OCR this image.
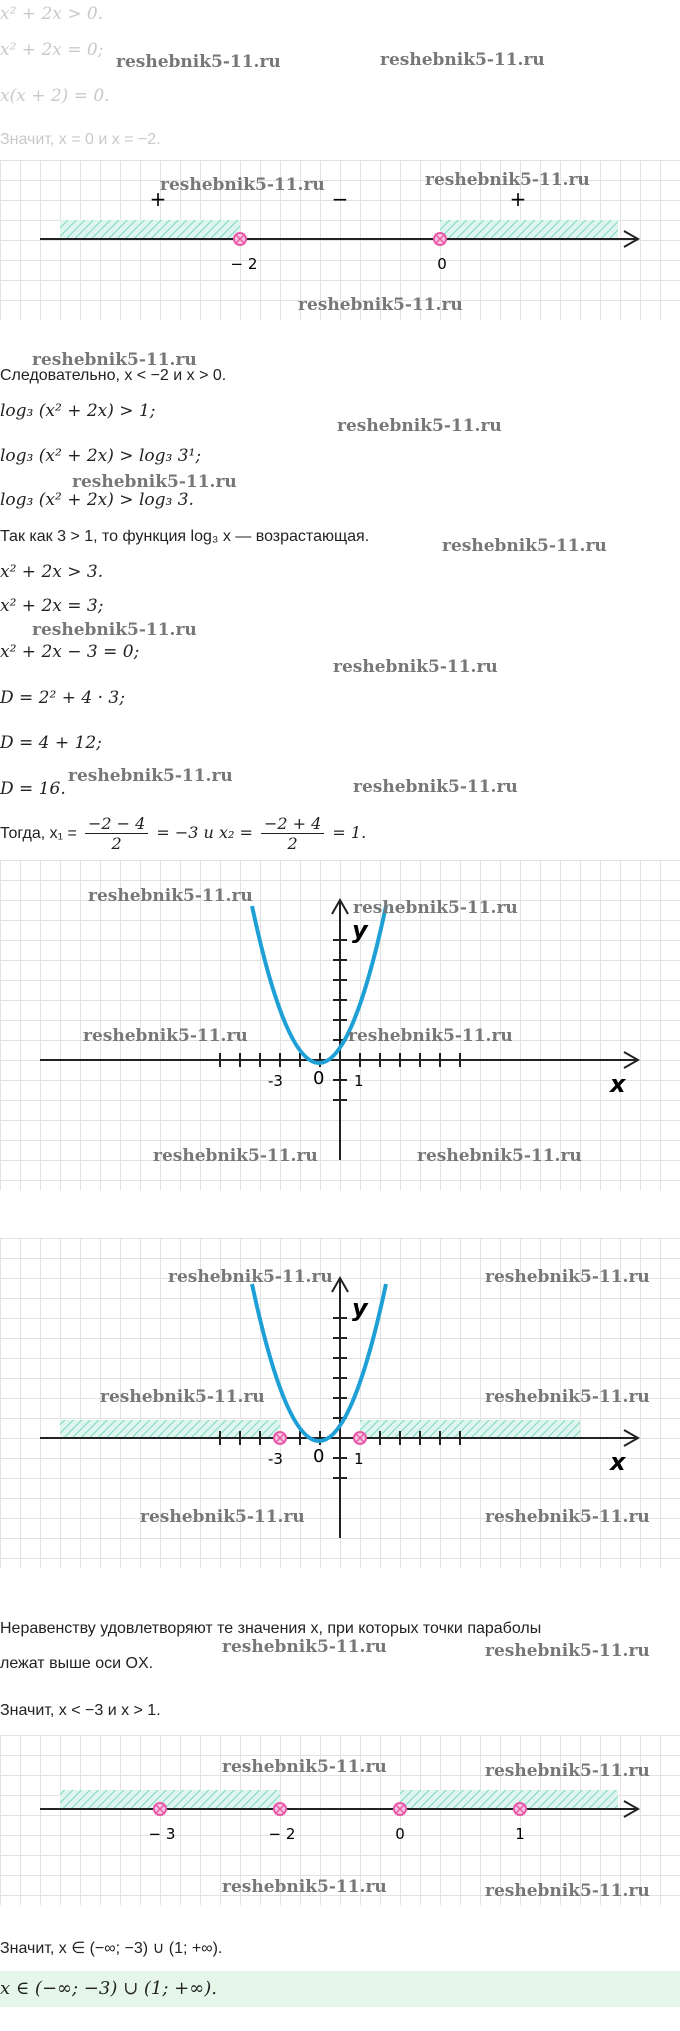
x² + 2x > 0.
x² + 2x = 0;
x(x + 2) = 0.
Значит, x = 0 и x = −2.
− 2	0
+	−	+
Следовательно, x < −2 и x > 0.
log₃ (x² + 2x) > 1;
log₃ (x² + 2x) > log₃ 3¹;
log₃ (x² + 2x) > log₃ 3.
Так как 3 > 1, то функция log₃ x — возрастающая.
x² + 2x > 3.
x² + 2x = 3;
x² + 2x − 3 = 0;
D = 2² + 4 · 3;
D = 4 + 12;
D = 16.
Тогда, $x_1 = \frac{-2 - 4}{2} = -3$ и $x_2 = \frac{-2 + 4}{2} = 1$.
y
x
0
-3	1
y
x
0
-3	1
Неравенству удовлетворяют те значения x, при которых точки параболы
лежат выше оси OX.
Значит, x < −3 и x > 1.
− 3	− 2	0	1
Значит, x ∈ (−∞; −3) ∪ (1; +∞).
x ∈ (−∞; −3) ∪ (1; +∞).
reshebnik5-11.ru	reshebnik5-11.ru
reshebnik5-11.ru	reshebnik5-11.ru
reshebnik5-11.ru
reshebnik5-11.ru
reshebnik5-11.ru
reshebnik5-11.ru
reshebnik5-11.ru
reshebnik5-11.ru
reshebnik5-11.ru
reshebnik5-11.ru
reshebnik5-11.ru
reshebnik5-11.ru
reshebnik5-11.ru
reshebnik5-11.ru	reshebnik5-11.ru
reshebnik5-11.ru	reshebnik5-11.ru
reshebnik5-11.ru	reshebnik5-11.ru
reshebnik5-11.ru	reshebnik5-11.ru
reshebnik5-11.ru	reshebnik5-11.ru
reshebnik5-11.ru	reshebnik5-11.ru
reshebnik5-11.ru	reshebnik5-11.ru
reshebnik5-11.ru	reshebnik5-11.ru
